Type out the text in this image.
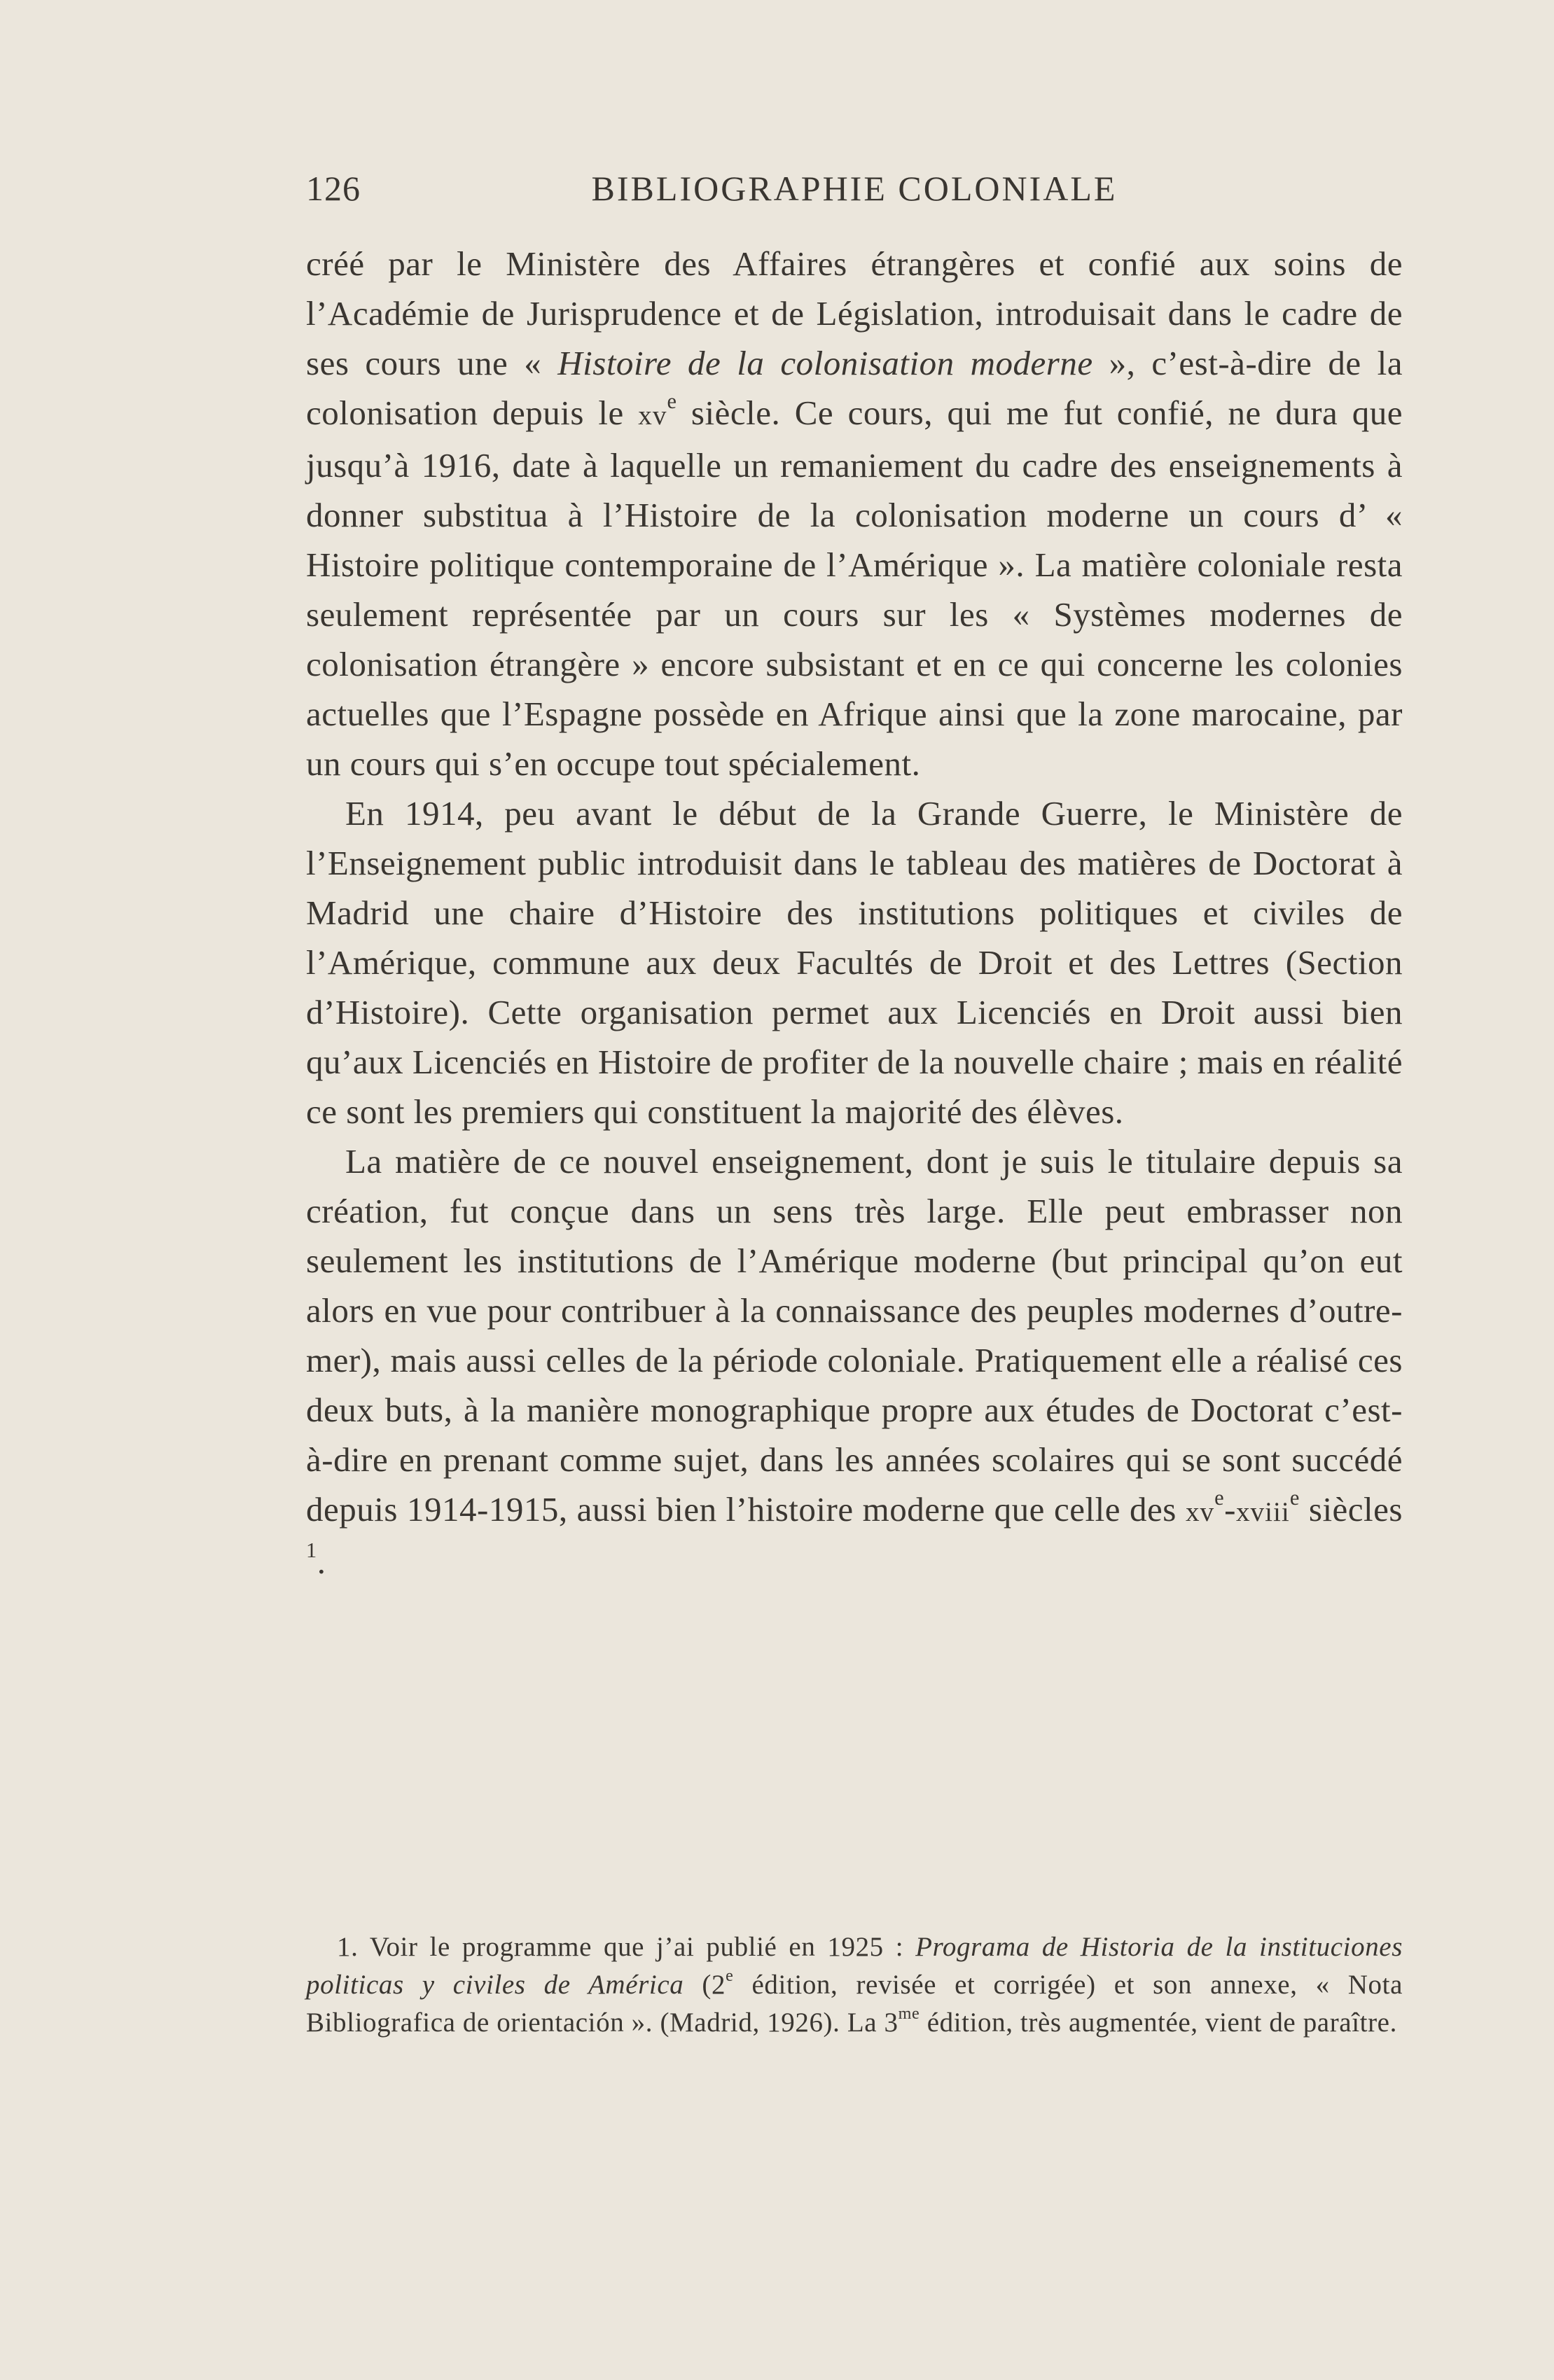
126	BIBLIOGRAPHIE COLONIALE

créé par le Ministère des Affaires étrangères et confié aux soins de l’Académie de Jurisprudence et de Législation, introduisait dans le cadre de ses cours une « Histoire de la colonisation moderne », c’est-à-dire de la colonisation depuis le $xv^e$ siècle. Ce cours, qui me fut confié, ne dura que jusqu’à 1916, date à laquelle un remaniement du cadre des enseignements à donner substitua à l’Histoire de la colonisation moderne un cours d’ « Histoire politique contemporaine de l’Amérique ». La matière coloniale resta seulement représentée par un cours sur les « Systèmes modernes de colonisation étrangère » encore subsistant et en ce qui concerne les colonies actuelles que l’Espagne possède en Afrique ainsi que la zone marocaine, par un cours qui s’en occupe tout spécialement.

En 1914, peu avant le début de la Grande Guerre, le Ministère de l’Enseignement public introduisit dans le tableau des matières de Doctorat à Madrid une chaire d’Histoire des institutions politiques et civiles de l’Amérique, commune aux deux Facultés de Droit et des Lettres (Section d’Histoire). Cette organisation permet aux Licenciés en Droit aussi bien qu’aux Licenciés en Histoire de profiter de la nouvelle chaire ; mais en réalité ce sont les premiers qui constituent la majorité des élèves.

La matière de ce nouvel enseignement, dont je suis le titulaire depuis sa création, fut conçue dans un sens très large. Elle peut embrasser non seulement les institutions de l’Amérique moderne (but principal qu’on eut alors en vue pour contribuer à la connaissance des peuples modernes d’outre-mer), mais aussi celles de la période coloniale. Pratiquement elle a réalisé ces deux buts, à la manière monographique propre aux études de Doctorat c’est-à-dire en prenant comme sujet, dans les années scolaires qui se sont succédé depuis 1914-1915, aussi bien l’histoire moderne que celle des $xv^e-xviii^e$ siècles $^1$.

1. Voir le programme que j’ai publié en 1925 : Programa de Historia de la instituciones politicas y civiles de América (2e édition, revisée et corrigée) et son annexe, « Nota Bibliografica de orientación ». (Madrid, 1926). La $3^{me}$ édition, très augmentée, vient de paraître.
